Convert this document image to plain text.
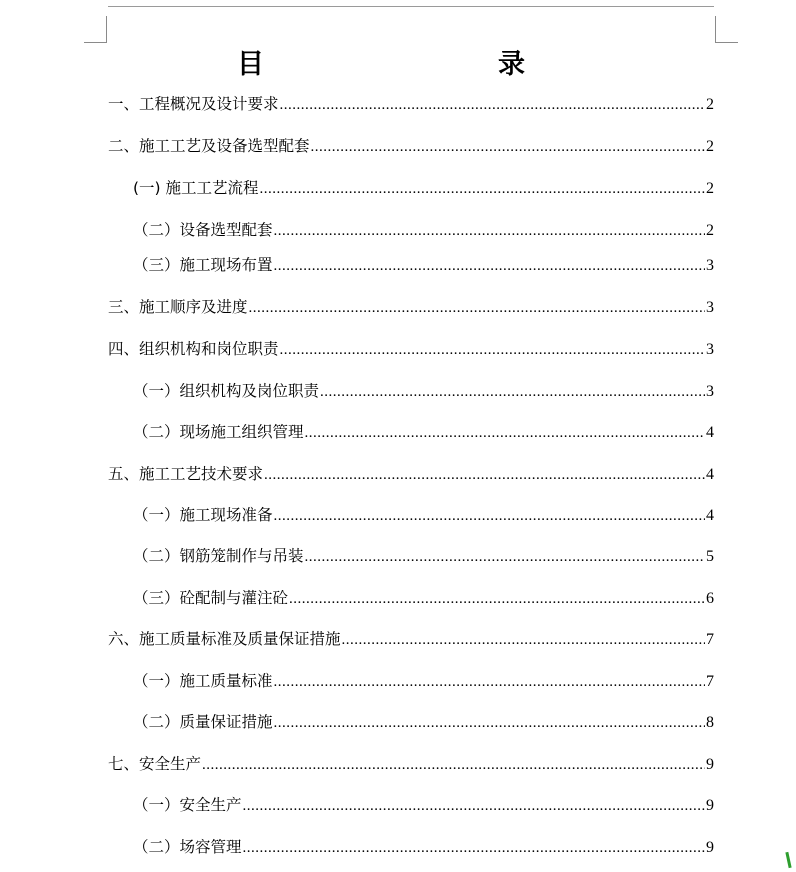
目　　录
一、工程概况及设计要求 .....	2
二、施工工艺及设备选型配套 .....	2
(一) 施工工艺流程 .....	2
（二）设备选型配套 .....	2
（三）施工现场布置 .....	3
三、施工顺序及进度 .....	3
四、组织机构和岗位职责 .....	3
（一）组织机构及岗位职责 .....	3
（二）现场施工组织管理 .....	4
五、施工工艺技术要求 .....	4
（一）施工现场准备 .....	4
（二）钢筋笼制作与吊装 .....	5
（三）砼配制与灌注砼 .....	6
六、施工质量标准及质量保证措施 .....	7
（一）施工质量标准 .....	7
（二）质量保证措施 .....	8
七、安全生产 .....	9
（一）安全生产 .....	9
（二）场容管理 .....	9
